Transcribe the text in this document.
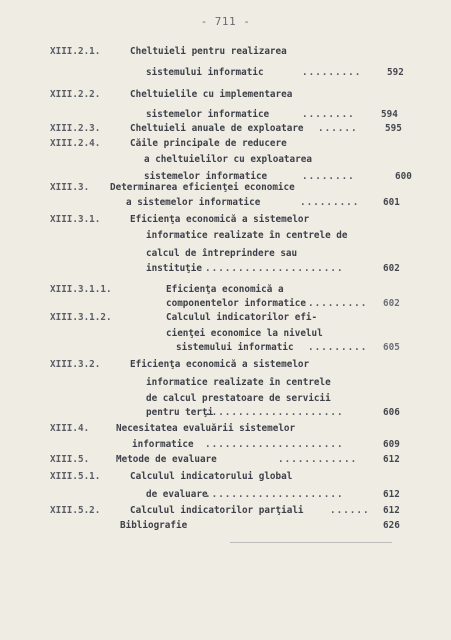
- 711 -
XIII.2.1.	Cheltuieli pentru realizarea
sistemului informatic	.........	592
XIII.2.2.	Cheltuielile cu implementarea
sistemelor informatice	........	594
XIII.2.3.	Cheltuieli anuale de exploatare ......	595
XIII.2.4.	Căile principale de reducere
a cheltuielilor cu exploatarea
sistemelor informatice	........	600
XIII.3. Determinarea eficienţei economice
a sistemelor informatice	.........	601
XIII.3.1.	Eficienţa economică a sistemelor
informatice realizate în centrele de
calcul de întreprindere sau
instituţie .....................	602
XIII.3.1.1.	Eficienţa economică a
componentelor informatice ......... 602
XIII.3.1.2.	Calculul indicatorilor efi-
cienţei economice la nivelul
sistemului informatic ......... 605
XIII.3.2.	Eficienţa economică a sistemelor
informatice realizate în centrele
de calcul prestatoare de servicii
pentru terţi
.....................	606
XIII.4.	Necesitatea evaluării sistemelor
informatice .....................	609
XIII.5.	Metode de evaluare	............	612
XIII.5.1.	Calculul indicatorului global
de evaluare
.....................	612
XIII.5.2.	Calculul indicatorilor parţiali	...... 612
Bibliografie	626
